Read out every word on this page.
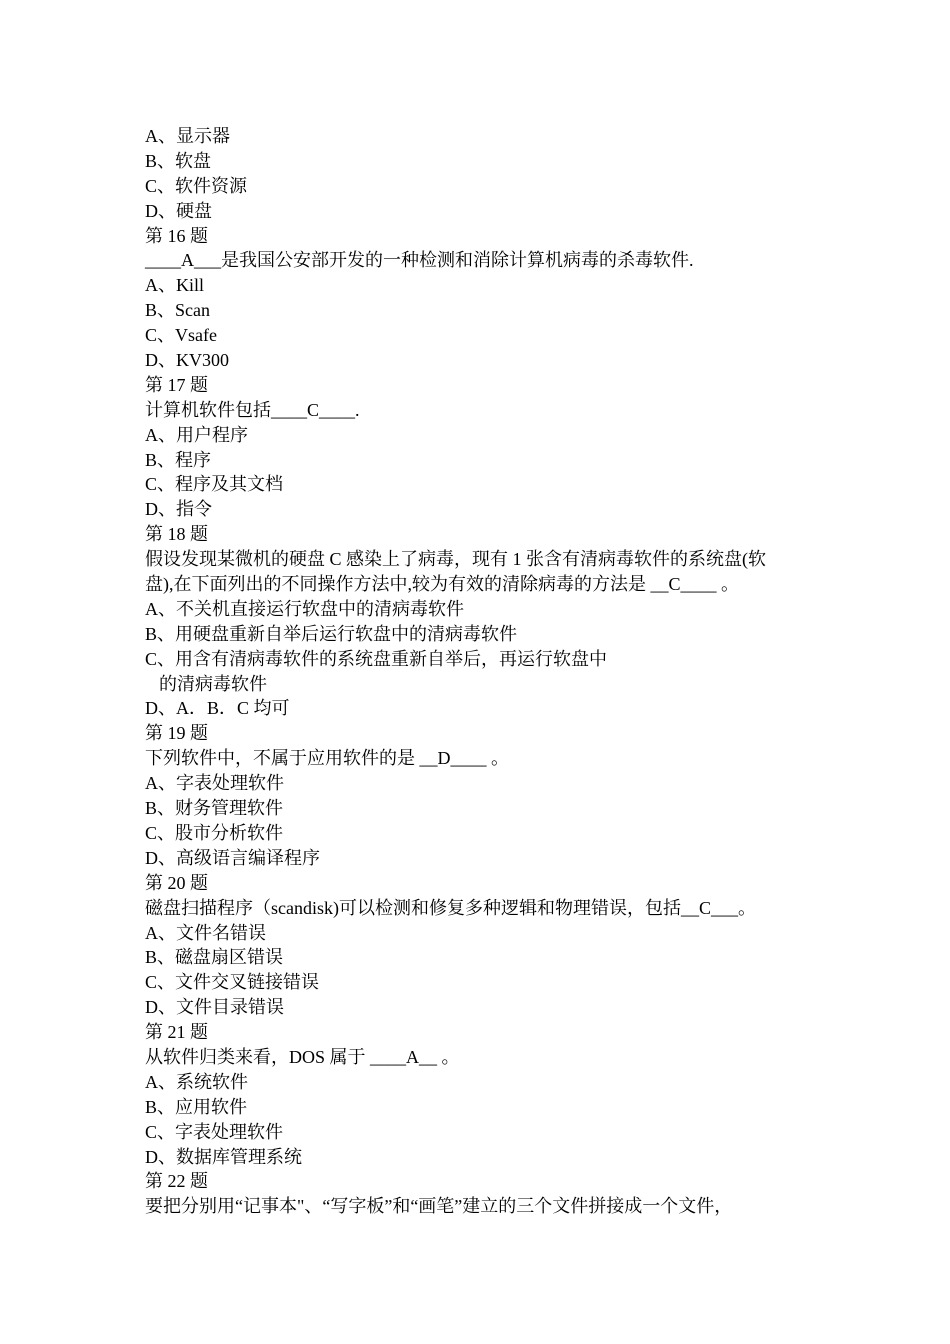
A、显示器
B、软盘
C、软件资源
D、硬盘
第 16 题
____A___是我国公安部开发的一种检测和消除计算机病毒的杀毒软件.
A、Kill
B、Scan
C、Vsafe
D、KV300
第 17 题
计算机软件包括____C____.
A、用户程序
B、程序
C、程序及其文档
D、指令
第 18 题
假设发现某微机的硬盘 C 感染上了病毒，现有 1 张含有清病毒软件的系统盘(软
盘),在下面列出的不同操作方法中,较为有效的清除病毒的方法是 __C____ 。
A、不关机直接运行软盘中的清病毒软件
B、用硬盘重新自举后运行软盘中的清病毒软件
C、用含有清病毒软件的系统盘重新自举后，再运行软盘中
的清病毒软件
D、A．B．C 均可
第 19 题
下列软件中，不属于应用软件的是 __D____ 。
A、字表处理软件
B、财务管理软件
C、股市分析软件
D、高级语言编译程序
第 20 题
磁盘扫描程序（scandisk)可以检测和修复多种逻辑和物理错误，包括__C___。
A、文件名错误
B、磁盘扇区错误
C、文件交叉链接错误
D、文件目录错误
第 21 题
从软件归类来看，DOS 属于 ____A__ 。
A、系统软件
B、应用软件
C、字表处理软件
D、数据库管理系统
第 22 题
要把分别用“记事本"、“写字板”和“画笔”建立的三个文件拼接成一个文件，
